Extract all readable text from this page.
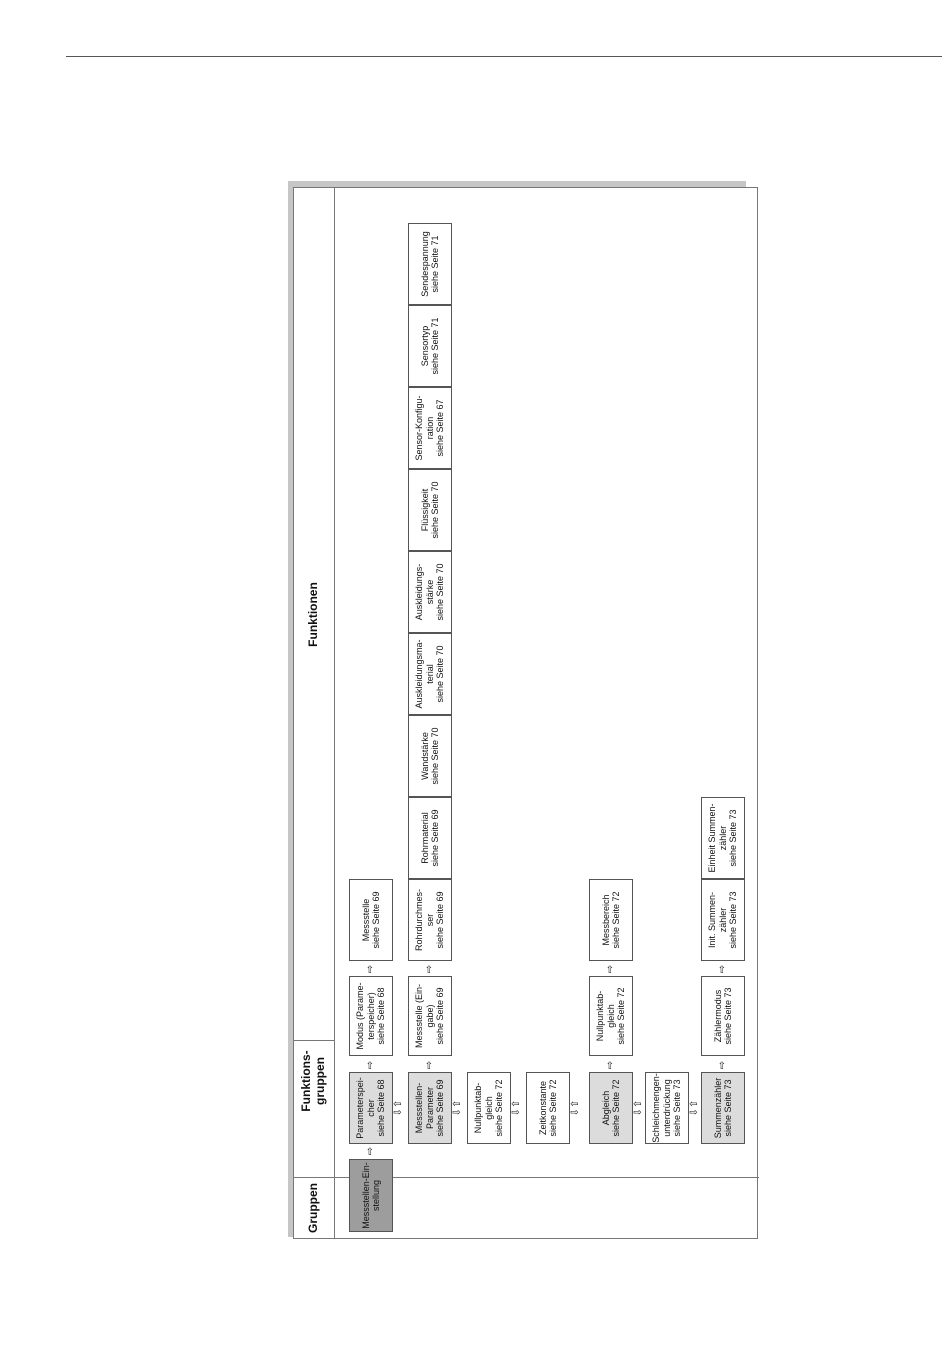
Gruppen
Funktions- gruppen
Funktionen
Messstellen-Ein- stellung
⇨
Parameterspei- cher siehe Seite 68 ⇩⇧ Messstellen- Parameter siehe Seite 69 ⇩⇧ Nullpunktab- gleich siehe Seite 72 ⇩⇧ Zeitkonstante siehe Seite 72 ⇩⇧ Abgleich siehe Seite 72 ⇩⇧ Schleichmengen- unterdrückung siehe Seite 73 ⇩⇧ Summenzähler siehe Seite 73
⇨
Modus (Parame- terspeicher) siehe Seite 68
⇨
Messstelle siehe Seite 69
⇨
Messstelle (Ein- gabe) siehe Seite 69
⇨
Rohrdurchmes- ser siehe Seite 69
Rohrmaterial siehe Seite 69
Wandstärke siehe Seite 70
Auskleidungsma- terial siehe Seite 70
Auskleidungs- stärke siehe Seite 70
Flüssigkeit siehe Seite 70
Sensor-Konfigu- ration siehe Seite 67
Sensortyp siehe Seite 71
Sendespannung siehe Seite 71
⇨
Nullpunktab- gleich siehe Seite 72
⇨
Messbereich siehe Seite 72
⇨
Zählermodus siehe Seite 73
⇨
Init. Summen- zähler siehe Seite 73
Einheit Summen- zähler siehe Seite 73
